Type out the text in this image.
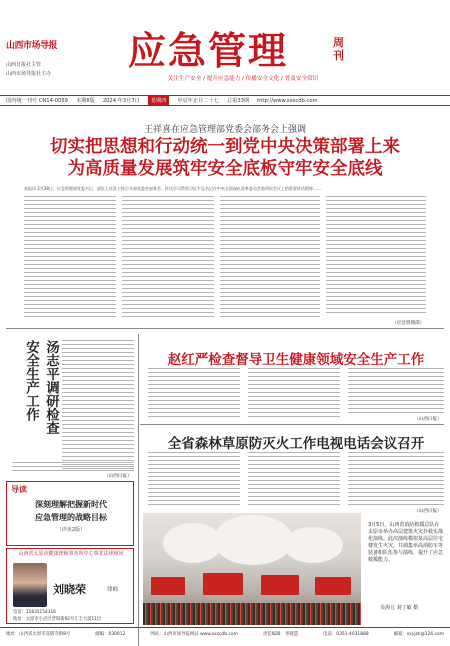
山西市场导报
山西日报社主管
山西市场导报社主办
应急管理	周刊
关注生产安全 / 提升应急能力 / 传播安全文化 / 普及安全常识
国内统一刊号 CN14-0059 本期8版 2024 年3月7日	星期四	甲辰年正月二十七 总第33期 http://www.sxscdb.com
王祥喜在应急管理部党委会部务会上强调
切实把思想和行动统一到党中央决策部署上来
为高质量发展筑牢安全底板守牢安全底线
本报讯 2月28日，应急管理部党委书记、部长王祥喜主持召开部党委会部务会，传达学习贯彻习近平总书记在中央全面深化改革委员会第四次会议上的重要讲话精神……
（应急管理部）
安全生产工作 汤志平调研检查
（山西日报）
赵红严检查督导卫生健康领域安全生产工作
（山西日报）
全省森林草原防灭火工作电视电话会议召开
（山西日报）
3月5日，山西省消防救援总队在太原市举办高层建筑火灾扑救实战化演练。此次演练模拟某高层住宅楼发生火灾，共调集举高消防车等装备和队伍参与演练，提升了应急救援能力。
吴海元 刘丁敏 摄
导读
深刻理解把握新时代
应急管理的战略目标
（详见2版）
山西省太原市健康律师事务所中心事非法律顾问
刘晓荣	律师
电话：15835154316
地址：太原市小店区晋阳街92号汇丰大厦11层
地址：山西省太原市双塔寺街8号	邮编：030012	网站：山西市场导报网站 www.sxscdb.com	责任编辑：李晓慧	电话：0351-4031888	邮箱：sxyjzk@126.com
